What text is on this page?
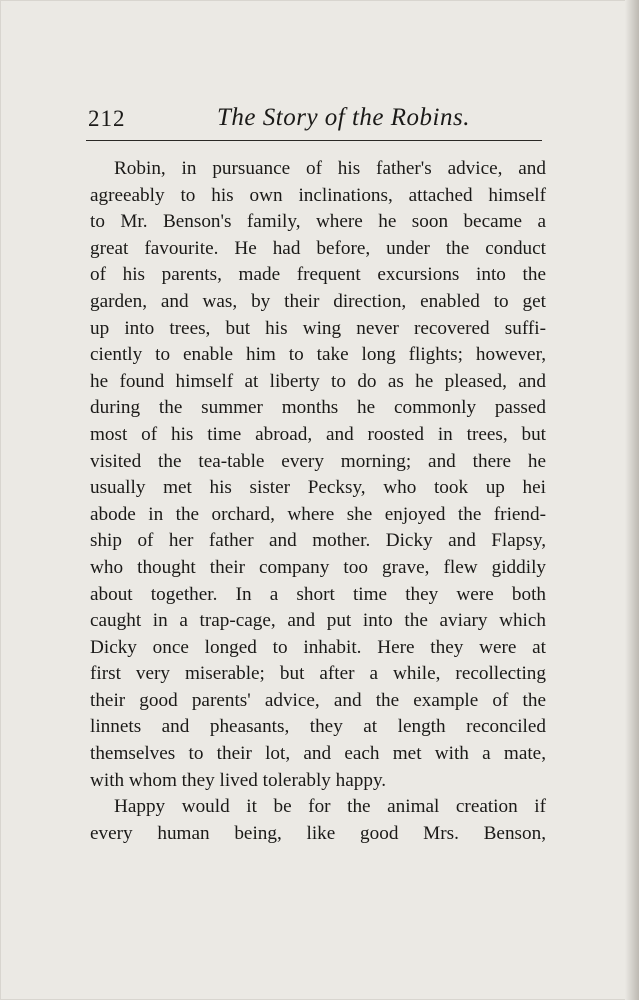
212	The Story of the Robins.
Robin, in pursuance of his father's advice, and
agreeably to his own inclinations, attached himself
to Mr. Benson's family, where he soon became a
great favourite. He had before, under the conduct
of his parents, made frequent excursions into the
garden, and was, by their direction, enabled to get
up into trees, but his wing never recovered suffi-
ciently to enable him to take long flights; however,
he found himself at liberty to do as he pleased, and
during the summer months he commonly passed
most of his time abroad, and roosted in trees, but
visited the tea-table every morning; and there he
usually met his sister Pecksy, who took up hei
abode in the orchard, where she enjoyed the friend-
ship of her father and mother. Dicky and Flapsy,
who thought their company too grave, flew giddily
about together. In a short time they were both
caught in a trap-cage, and put into the aviary which
Dicky once longed to inhabit. Here they were at
first very miserable; but after a while, recollecting
their good parents' advice, and the example of the
linnets and pheasants, they at length reconciled
themselves to their lot, and each met with a mate,
with whom they lived tolerably happy.
Happy would it be for the animal creation if
every human being, like good Mrs. Benson,
